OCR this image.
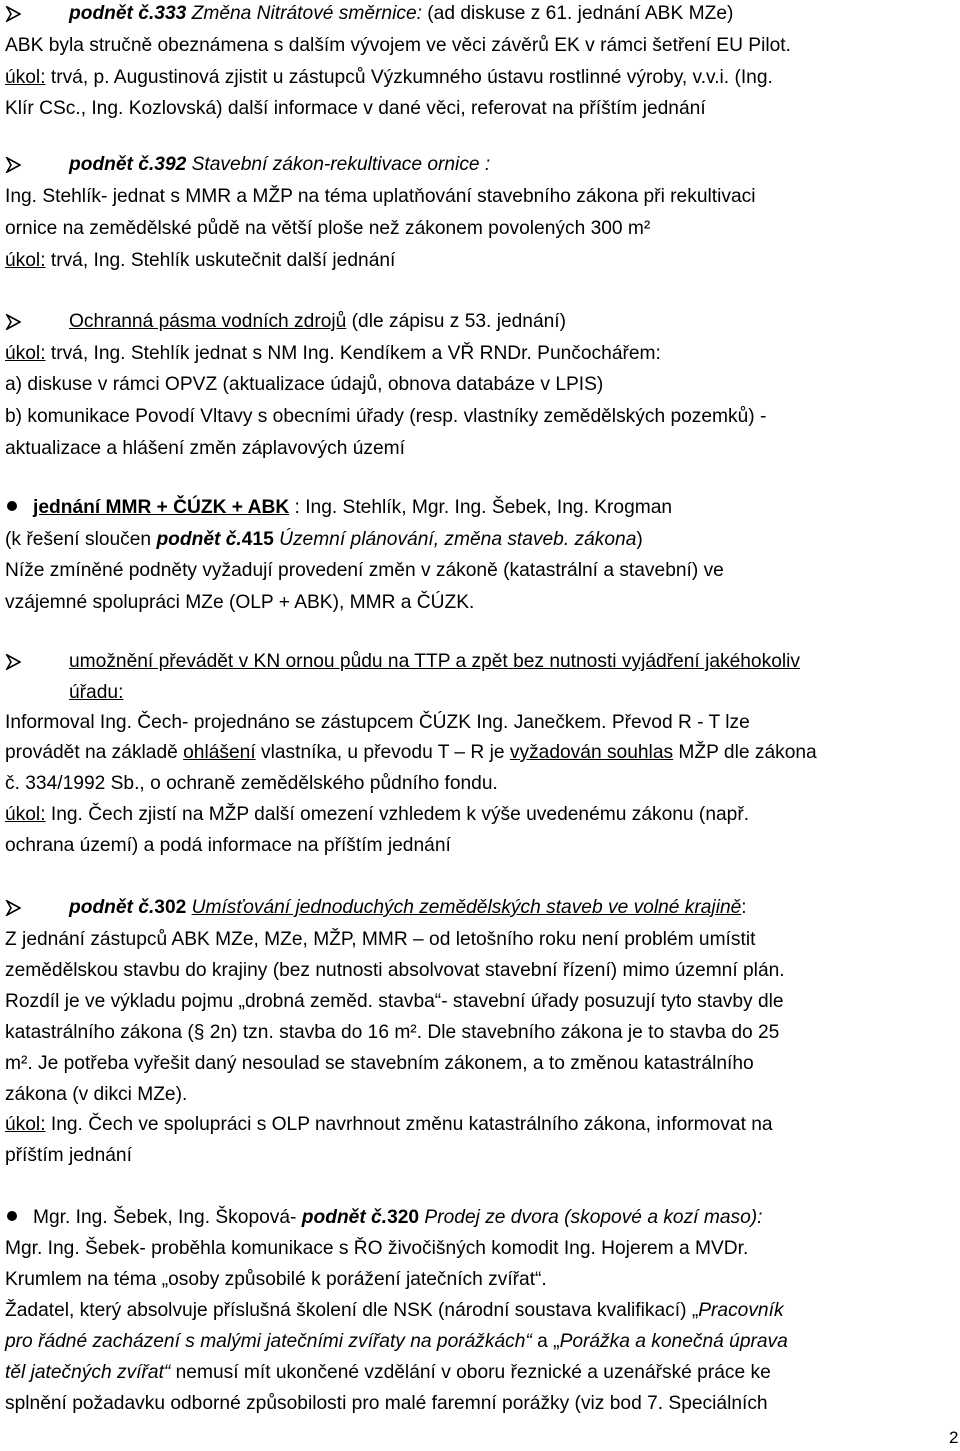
podnět č.333 Změna Nitrátové směrnice: (ad diskuse z 61. jednání ABK MZe)
ABK byla stručně obeznámena s dalším vývojem ve věci závěrů EK v rámci šetření EU Pilot.
úkol: trvá, p. Augustinová zjistit u zástupců Výzkumného ústavu rostlinné výroby, v.v.i. (Ing.
Klír CSc., Ing. Kozlovská) další informace v dané věci, referovat na příštím jednání
podnět č.392 Stavební zákon-rekultivace ornice :
Ing. Stehlík- jednat s MMR a MŽP na téma uplatňování stavebního zákona při rekultivaci
ornice na zemědělské půdě na větší ploše než zákonem povolených 300 m²
úkol: trvá, Ing. Stehlík uskutečnit další jednání
Ochranná pásma vodních zdrojů (dle zápisu z 53. jednání)
úkol: trvá, Ing. Stehlík jednat s NM Ing. Kendíkem a VŘ RNDr. Punčochářem:
a) diskuse v rámci OPVZ (aktualizace údajů, obnova databáze v LPIS)
b) komunikace Povodí Vltavy s obecními úřady (resp. vlastníky zemědělských pozemků) -
aktualizace a hlášení změn záplavových území
jednání MMR + ČÚZK + ABK : Ing. Stehlík, Mgr. Ing. Šebek, Ing. Krogman
(k řešení sloučen podnět č.415 Územní plánování, změna staveb. zákona)
Níže zmíněné podněty vyžadují provedení změn v zákoně (katastrální a stavební) ve
vzájemné spolupráci MZe (OLP + ABK), MMR a ČÚZK.
umožnění převádět v KN ornou půdu na TTP a zpět bez nutnosti vyjádření jakéhokoliv
úřadu:
Informoval Ing. Čech- projednáno se zástupcem ČÚZK Ing. Janečkem. Převod R - T lze
provádět na základě ohlášení vlastníka, u převodu T – R je vyžadován souhlas MŽP dle zákona
č. 334/1992 Sb., o ochraně zemědělského půdního fondu.
úkol: Ing. Čech zjistí na MŽP další omezení vzhledem k výše uvedenému zákonu (např.
ochrana území) a podá informace na příštím jednání
podnět č.302 Umísťování jednoduchých zemědělských staveb ve volné krajině:
Z jednání zástupců ABK MZe, MZe, MŽP, MMR – od letošního roku není problém umístit
zemědělskou stavbu do krajiny (bez nutnosti absolvovat stavební řízení) mimo územní plán.
Rozdíl je ve výkladu pojmu „drobná zeměd. stavba“- stavební úřady posuzují tyto stavby dle
katastrálního zákona (§ 2n) tzn. stavba do 16 m². Dle stavebního zákona je to stavba do 25
m². Je potřeba vyřešit daný nesoulad se stavebním zákonem, a to změnou katastrálního
zákona (v dikci MZe).
úkol: Ing. Čech ve spolupráci s OLP navrhnout změnu katastrálního zákona, informovat na
příštím jednání
Mgr. Ing. Šebek, Ing. Škopová- podnět č.320 Prodej ze dvora (skopové a kozí maso):
Mgr. Ing. Šebek- proběhla komunikace s ŘO živočišných komodit Ing. Hojerem a MVDr.
Krumlem na téma „osoby způsobilé k porážení jatečních zvířat“.
Žadatel, který absolvuje příslušná školení dle NSK (národní soustava kvalifikací) „Pracovník
pro řádné zacházení s malými jatečními zvířaty na porážkách“ a „Porážka a konečná úprava
těl jatečných zvířat“ nemusí mít ukončené vzdělání v oboru řeznické a uzenářské práce ke
splnění požadavku odborné způsobilosti pro malé faremní porážky (viz bod 7. Speciálních
2
